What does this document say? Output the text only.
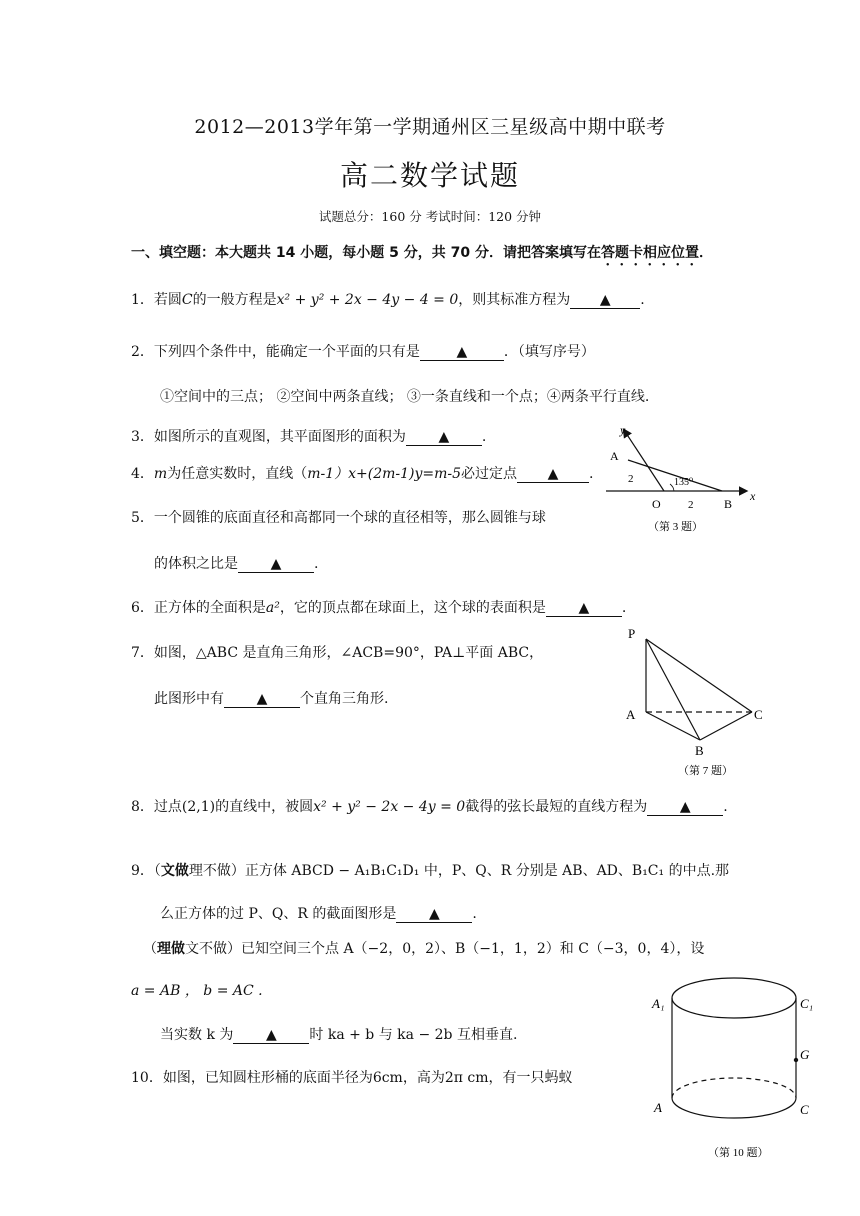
2012—2013学年第一学期通州区三星级高中期中联考
高二数学试题
试题总分：160 分 考试时间：120 分钟
一、填空题：本大题共 14 小题，每小题 5 分，共 70 分．请把答案填写在答题卡相应位置．
1．若圆C的一般方程是x² + y² + 2x − 4y − 4 = 0，则其标准方程为 ▲ .
2．下列四个条件中，能确定一个平面的只有是	▲	．（填写序号）
①空间中的三点； ②空间中两条直线； ③一条直线和一个点；④两条平行直线.
3．如图所示的直观图，其平面图形的面积为 ▲ .
4．m为任意实数时，直线（m-1）x+(2m-1)y=m-5必过定点 ▲ .
5．一个圆锥的底面直径和高都同一个球的直径相等，那么圆锥与球
的体积之比是 ▲ .
6．正方体的全面积是a²，它的顶点都在球面上，这个球的表面积是 ▲ .
7．如图，△ABC 是直角三角形，∠ACB=90°，PA⊥平面 ABC，
此图形中有 ▲ 个直角三角形.
8．过点(2,1)的直线中，被圆x² + y² − 2x − 4y = 0截得的弦长最短的直线方程为 ▲ .
9．（文做理不做）正方体 ABCD − A₁B₁C₁D₁ 中，P、Q、R 分别是 AB、AD、B₁C₁ 的中点.那
么正方体的过 P、Q、R 的截面图形是 ▲ .
（理做文不做）已知空间三个点 A（−2，0，2）、B（−1，1，2）和 C（−3，0，4），设
a = AB ， b = AC .
当实数 k 为 ▲ 时 ka + b 与 ka − 2b 互相垂直.
10．如图，已知圆柱形桶的底面半径为6cm，高为2π cm，有一只蚂蚁
y
A
2	135⁰
O 2	B
x
（第 3 题）
P
A	C
B
（第 7 题）
A₁	C₁
G
A	C
（第 10 题）
